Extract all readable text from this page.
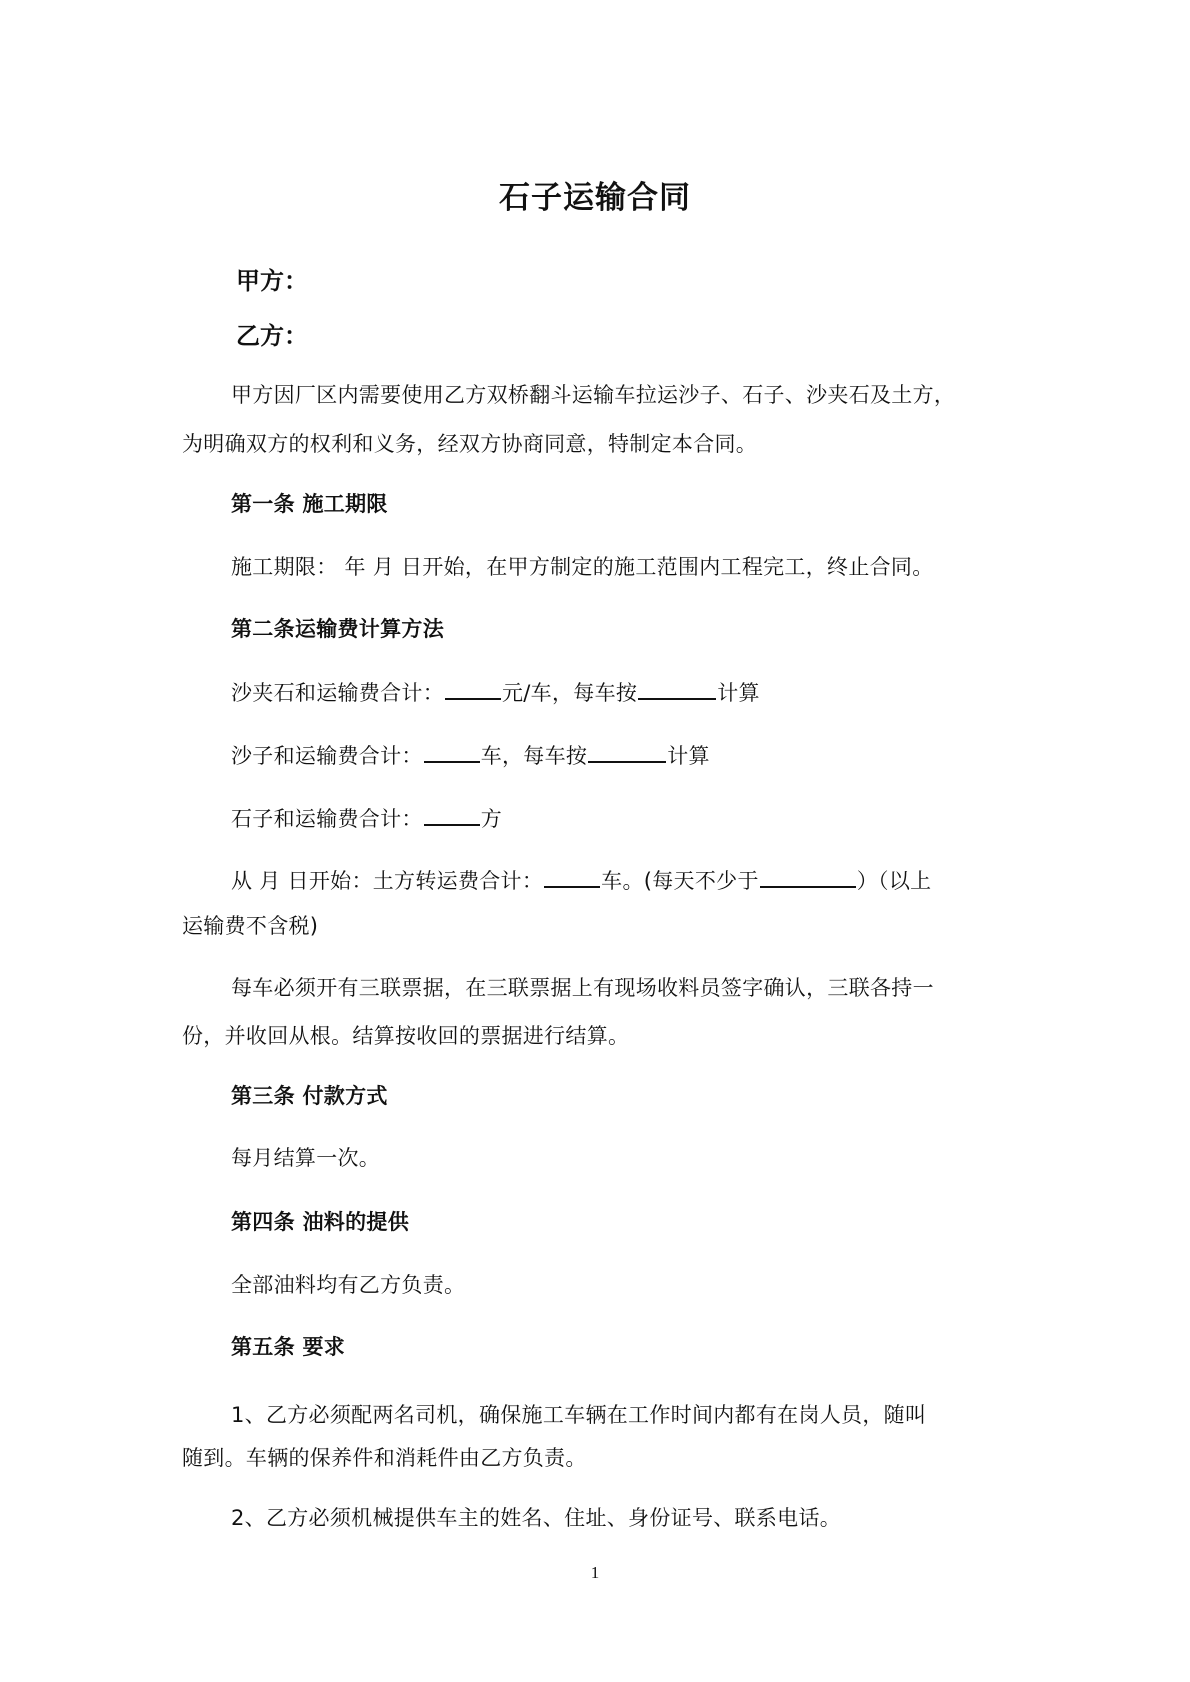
石子运输合同
甲方：
乙方：
甲方因厂区内需要使用乙方双桥翻斗运输车拉运沙子、石子、沙夹石及土方，
为明确双方的权利和义务，经双方协商同意，特制定本合同。
第一条 施工期限
施工期限： 年 月 日开始，在甲方制定的施工范围内工程完工，终止合同。
第二条运输费计算方法
沙夹石和运输费合计：	元/车，每车按	计算
沙子和运输费合计：	车，每车按	计算
石子和运输费合计：	方
从 月 日开始：土方转运费合计：	车。(每天不少于	）（以上
运输费不含税)
每车必须开有三联票据，在三联票据上有现场收料员签字确认，三联各持一
份，并收回从根。结算按收回的票据进行结算。
第三条 付款方式
每月结算一次。
第四条 油料的提供
全部油料均有乙方负责。
第五条 要求
1、乙方必须配两名司机，确保施工车辆在工作时间内都有在岗人员，随叫
随到。车辆的保养件和消耗件由乙方负责。
2、乙方必须机械提供车主的姓名、住址、身份证号、联系电话。
1
